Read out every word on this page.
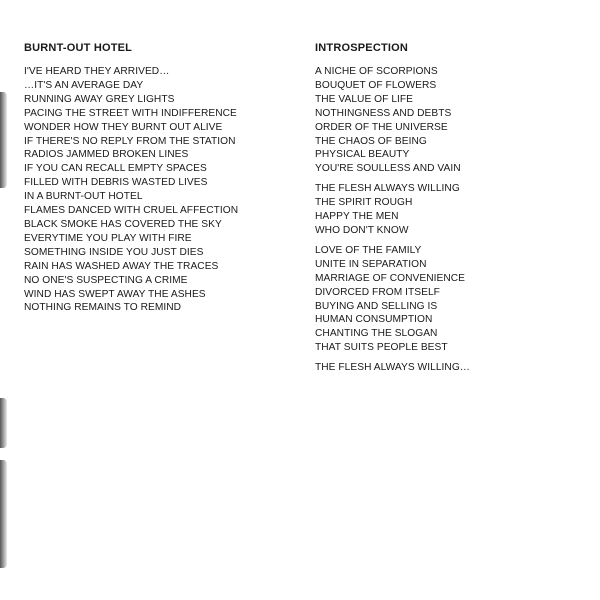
BURNT-OUT HOTEL
I'VE HEARD THEY ARRIVED…
…IT'S AN AVERAGE DAY
RUNNING AWAY GREY LIGHTS
PACING THE STREET WITH INDIFFERENCE
WONDER HOW THEY BURNT OUT ALIVE
IF THERE'S NO REPLY FROM THE STATION
RADIOS JAMMED BROKEN LINES
IF YOU CAN RECALL EMPTY SPACES
FILLED WITH DEBRIS WASTED LIVES
IN A BURNT-OUT HOTEL
FLAMES DANCED WITH CRUEL AFFECTION
BLACK SMOKE HAS COVERED THE SKY
EVERYTIME YOU PLAY WITH FIRE
SOMETHING INSIDE YOU JUST DIES
RAIN HAS WASHED AWAY THE TRACES
NO ONE'S SUSPECTING A CRIME
WIND HAS SWEPT AWAY THE ASHES
NOTHING REMAINS TO REMIND
INTROSPECTION
A NICHE OF SCORPIONS
BOUQUET OF FLOWERS
THE VALUE OF LIFE
NOTHINGNESS AND DEBTS
ORDER OF THE UNIVERSE
THE CHAOS OF BEING
PHYSICAL BEAUTY
YOU'RE SOULLESS AND VAIN
THE FLESH ALWAYS WILLING
THE SPIRIT ROUGH
HAPPY THE MEN
WHO DON'T KNOW
LOVE OF THE FAMILY
UNITE IN SEPARATION
MARRIAGE OF CONVENIENCE
DIVORCED FROM ITSELF
BUYING AND SELLING IS
HUMAN CONSUMPTION
CHANTING THE SLOGAN
THAT SUITS PEOPLE BEST
THE FLESH ALWAYS WILLING…
